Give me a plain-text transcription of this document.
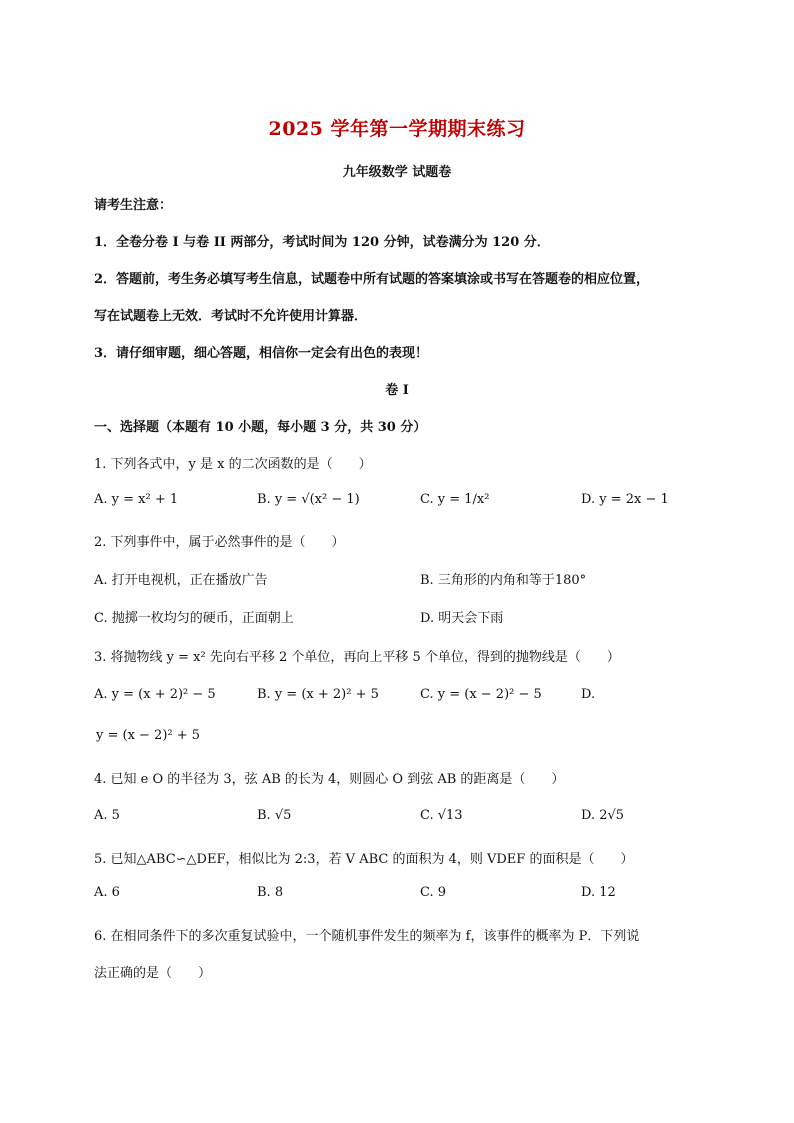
2025 学年第一学期期末练习
九年级数学 试题卷
请考生注意：
1．全卷分卷 I 与卷 II 两部分，考试时间为 120 分钟，试卷满分为 120 分．
2．答题前，考生务必填写考生信息，试题卷中所有试题的答案填涂或书写在答题卷的相应位置，
写在试题卷上无效．考试时不允许使用计算器．
3．请仔细审题，细心答题，相信你一定会有出色的表现！
卷 I
一、选择题（本题有 10 小题，每小题 3 分，共 30 分）
1. 下列各式中，y 是 x 的二次函数的是（　　）
A. y = x² + 1	B. y = √(x² − 1)	C. y = 1/x²	D. y = 2x − 1
2. 下列事件中，属于必然事件的是（　　）
A. 打开电视机，正在播放广告	B. 三角形的内角和等于180°
C. 抛掷一枚均匀的硬币，正面朝上	D. 明天会下雨
3. 将抛物线 y = x² 先向右平移 2 个单位，再向上平移 5 个单位，得到的抛物线是（　　）
A. y = (x + 2)² − 5	B. y = (x + 2)² + 5	C. y = (x − 2)² − 5	D.
y = (x − 2)² + 5
4. 已知 e O 的半径为 3，弦 AB 的长为 4，则圆心 O 到弦 AB 的距离是（　　）
A. 5	B. √5	C. √13	D. 2√5
5. 已知△ABC∽△DEF，相似比为 2:3，若 V ABC 的面积为 4，则 VDEF 的面积是（　　）
A. 6	B. 8	C. 9	D. 12
6. 在相同条件下的多次重复试验中，一个随机事件发生的频率为 f，该事件的概率为 P．下列说
法正确的是（　　）
